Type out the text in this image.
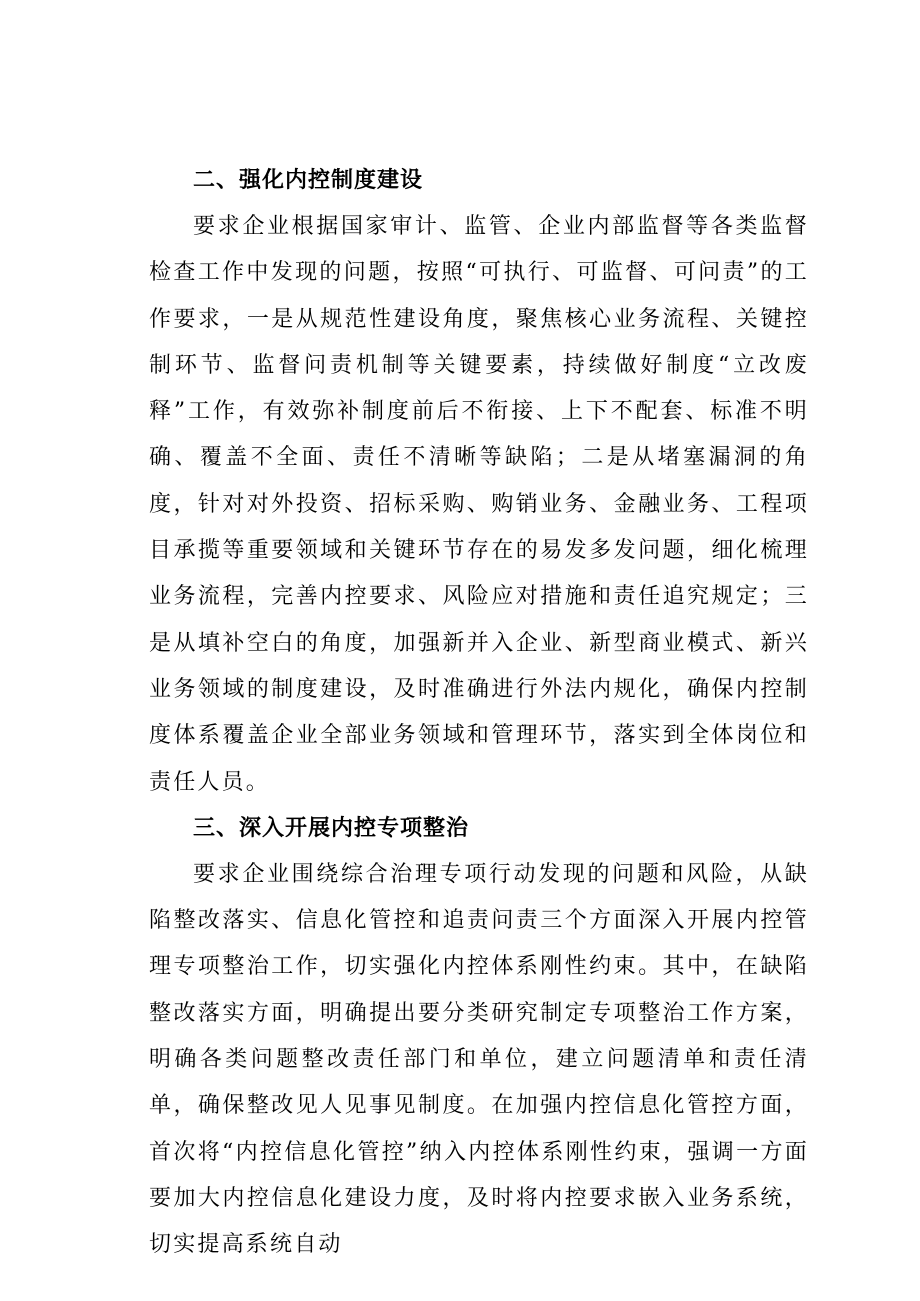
二、强化内控制度建设

要求企业根据国家审计、监管、企业内部监督等各类监督检查工作中发现的问题，按照“可执行、可监督、可问责”的工作要求，一是从规范性建设角度，聚焦核心业务流程、关键控制环节、监督问责机制等关键要素，持续做好制度“立改废释”工作，有效弥补制度前后不衔接、上下不配套、标准不明确、覆盖不全面、责任不清晰等缺陷；二是从堵塞漏洞的角度，针对对外投资、招标采购、购销业务、金融业务、工程项目承揽等重要领域和关键环节存在的易发多发问题，细化梳理业务流程，完善内控要求、风险应对措施和责任追究规定；三是从填补空白的角度，加强新并入企业、新型商业模式、新兴业务领域的制度建设，及时准确进行外法内规化，确保内控制度体系覆盖企业全部业务领域和管理环节，落实到全体岗位和责任人员。

三、深入开展内控专项整治

要求企业围绕综合治理专项行动发现的问题和风险，从缺陷整改落实、信息化管控和追责问责三个方面深入开展内控管理专项整治工作，切实强化内控体系刚性约束。其中，在缺陷整改落实方面，明确提出要分类研究制定专项整治工作方案，明确各类问题整改责任部门和单位，建立问题清单和责任清单，确保整改见人见事见制度。在加强内控信息化管控方面，首次将“内控信息化管控”纳入内控体系刚性约束，强调一方面要加大内控信息化建设力度，及时将内控要求嵌入业务系统，切实提高系统自动
